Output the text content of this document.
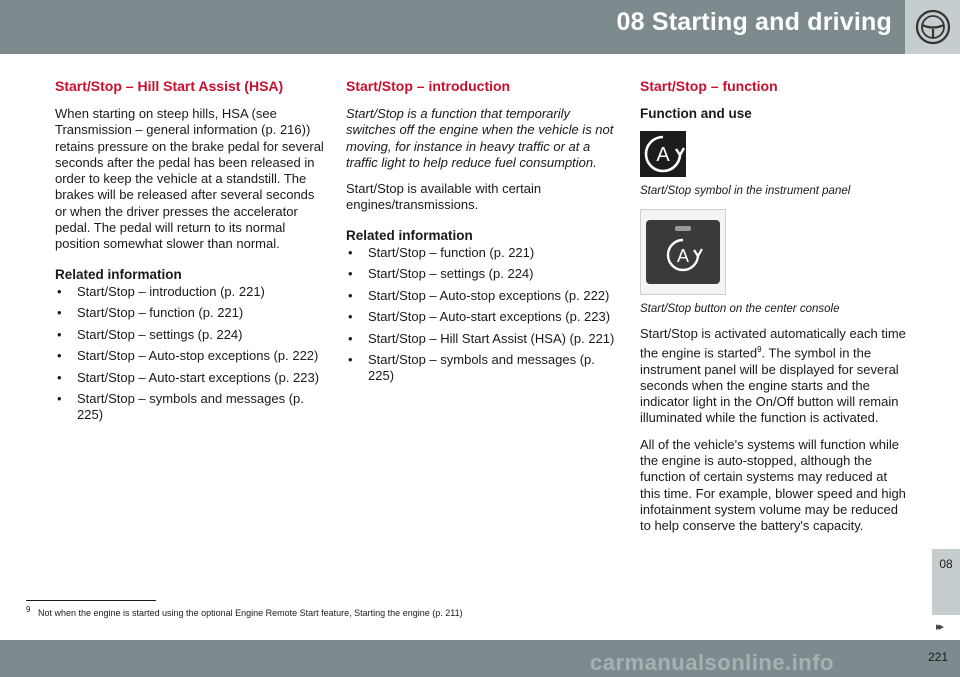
08 Starting and driving
Start/Stop – Hill Start Assist (HSA)

When starting on steep hills, HSA (see Transmission – general information (p. 216)) retains pressure on the brake pedal for several seconds after the pedal has been released in order to keep the vehicle at a standstill. The brakes will be released after several seconds or when the driver presses the accelerator pedal. The pedal will return to its normal position somewhat slower than normal.

Related information
• Start/Stop – introduction (p. 221)
• Start/Stop – function (p. 221)
• Start/Stop – settings (p. 224)
• Start/Stop – Auto-stop exceptions (p. 222)
• Start/Stop – Auto-start exceptions (p. 223)
• Start/Stop – symbols and messages (p. 225)
Start/Stop – introduction

Start/Stop is a function that temporarily switches off the engine when the vehicle is not moving, for instance in heavy traffic or at a traffic light to help reduce fuel consumption.

Start/Stop is available with certain engines/transmissions.

Related information
• Start/Stop – function (p. 221)
• Start/Stop – settings (p. 224)
• Start/Stop – Auto-stop exceptions (p. 222)
• Start/Stop – Auto-start exceptions (p. 223)
• Start/Stop – Hill Start Assist (HSA) (p. 221)
• Start/Stop – symbols and messages (p. 225)
Start/Stop – function
Function and use
A

Start/Stop symbol in the instrument panel

A

Start/Stop button on the center console

Start/Stop is activated automatically each time the engine is started$^9$. The symbol in the instrument panel will be displayed for several seconds when the engine starts and the indicator light in the On/Off button will remain illuminated while the function is activated.

All of the vehicle's systems will function while the engine is auto-stopped, although the function of certain systems may reduced at this time. For example, blower speed and high infotainment system volume may be reduced to help conserve the battery's capacity.

$^9$ Not when the engine is started using the optional Engine Remote Start feature, Starting the engine (p. 211)
08
▸▸
carmanualsonline.info	221
